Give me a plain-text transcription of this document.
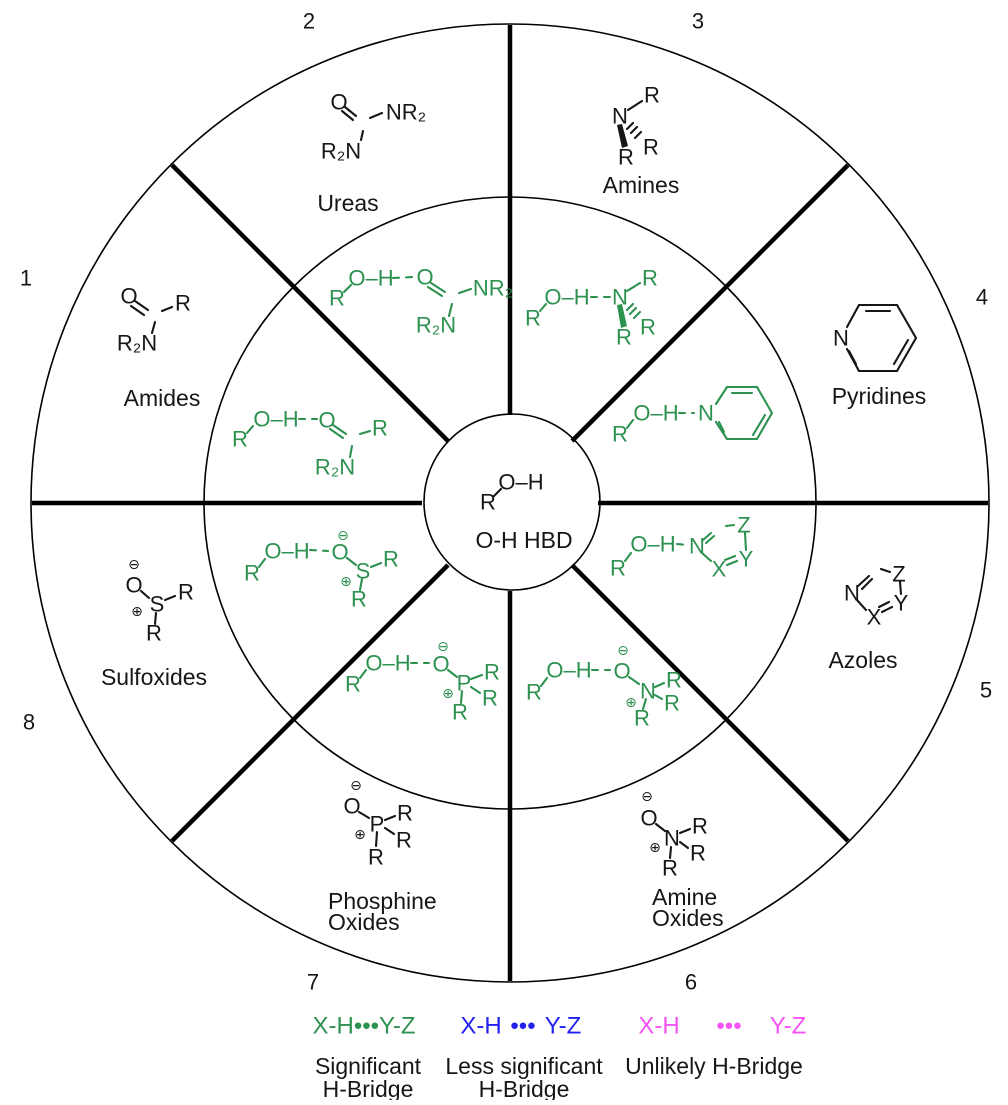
1
2	3
4
5
6
7
8
R
O–H
O-H HBD
O R
R₂N
Amides
O NR₂
R₂N
Ureas
N
R
R R
Amines
N
Pyridines
N
Z
Y
X
Azoles
⊖
O
N
⊕
R
R
R
Amine
Oxides
⊖
O
P
⊕
R
R
R
Phosphine
Oxides
⊖
O
S
⊕
R
R
Sulfoxides
R
O–H O R
R₂N
R
O–H O NR₂
R₂N	R
O–H N
R
R R
R
O–H N
R
O–H N
Z
Y
X
R
O–H
⊖
O
N
⊕
R
R
R
R
O–H
⊖
O
P
⊕
R
R
R
R
O–H
⊖
O
S
⊕
R
R
X-H•••Y-Z
Significant
H-Bridge
X-H ••• Y-Z
Less significant
H-Bridge
X-H ••• Y-Z
Unlikely H-Bridge
